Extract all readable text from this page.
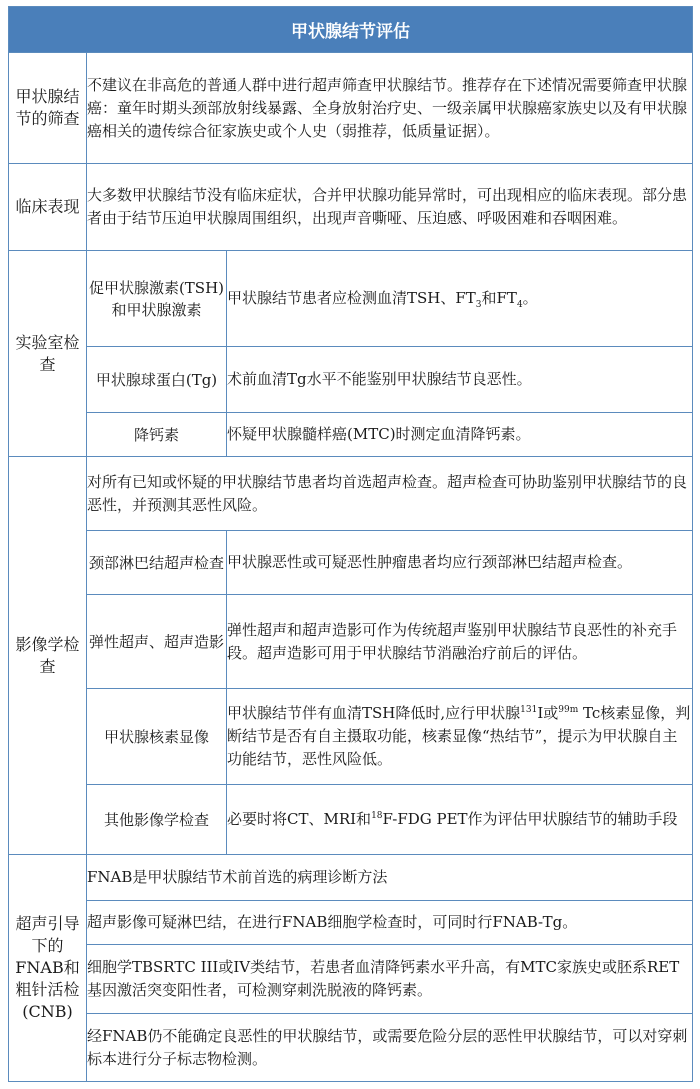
甲状腺结节评估		
甲状腺结节的筛查	不建议在非高危的普通人群中进行超声筛查甲状腺结节。推荐存在下述情况需要筛查甲状腺癌：童年时期头颈部放射线暴露、全身放射治疗史、一级亲属甲状腺癌家族史以及有甲状腺癌相关的遗传综合征家族史或个人史（弱推荐，低质量证据）。	
临床表现	大多数甲状腺结节没有临床症状，合并甲状腺功能异常时，可出现相应的临床表现。部分患者由于结节压迫甲状腺周围组织，出现声音嘶哑、压迫感、呼吸困难和吞咽困难。	
实验室检查	促甲状腺激素(TSH)和甲状腺激素	甲状腺结节患者应检测血清TSH、$FT_3$和$FT_4$。
	甲状腺球蛋白(Tg)	术前血清Tg水平不能鉴别甲状腺结节良恶性。
	降钙素	怀疑甲状腺髓样癌(MTC)时测定血清降钙素。
影像学检查	对所有已知或怀疑的甲状腺结节患者均首选超声检查。超声检查可协助鉴别甲状腺结节的良恶性，并预测其恶性风险。	
	颈部淋巴结超声检查	甲状腺恶性或可疑恶性肿瘤患者均应行颈部淋巴结超声检查。
	弹性超声、超声造影	弹性超声和超声造影可作为传统超声鉴别甲状腺结节良恶性的补充手段。超声造影可用于甲状腺结节消融治疗前后的评估。
	甲状腺核素显像	甲状腺结节伴有血清TSH降低时,应行甲状腺$^{131}$I或$^{99m}$ Tc核素显像，判断结节是否有自主摄取功能，核素显像“热结节”，提示为甲状腺自主功能结节，恶性风险低。
	其他影像学检查	必要时将CT、MRI和$^{18}$F-FDG PET作为评估甲状腺结节的辅助手段
超声引导下的FNAB和粗针活检(CNB)	FNAB是甲状腺结节术前首选的病理诊断方法	
	超声影像可疑淋巴结，在进行FNAB细胞学检查时，可同时行FNAB-Tg。	
	细胞学TBSRTC III或IV类结节，若患者血清降钙素水平升高，有MTC家族史或胚系RET基因激活突变阳性者，可检测穿刺洗脱液的降钙素。	
	经FNAB仍不能确定良恶性的甲状腺结节，或需要危险分层的恶性甲状腺结节，可以对穿刺标本进行分子标志物检测。	
